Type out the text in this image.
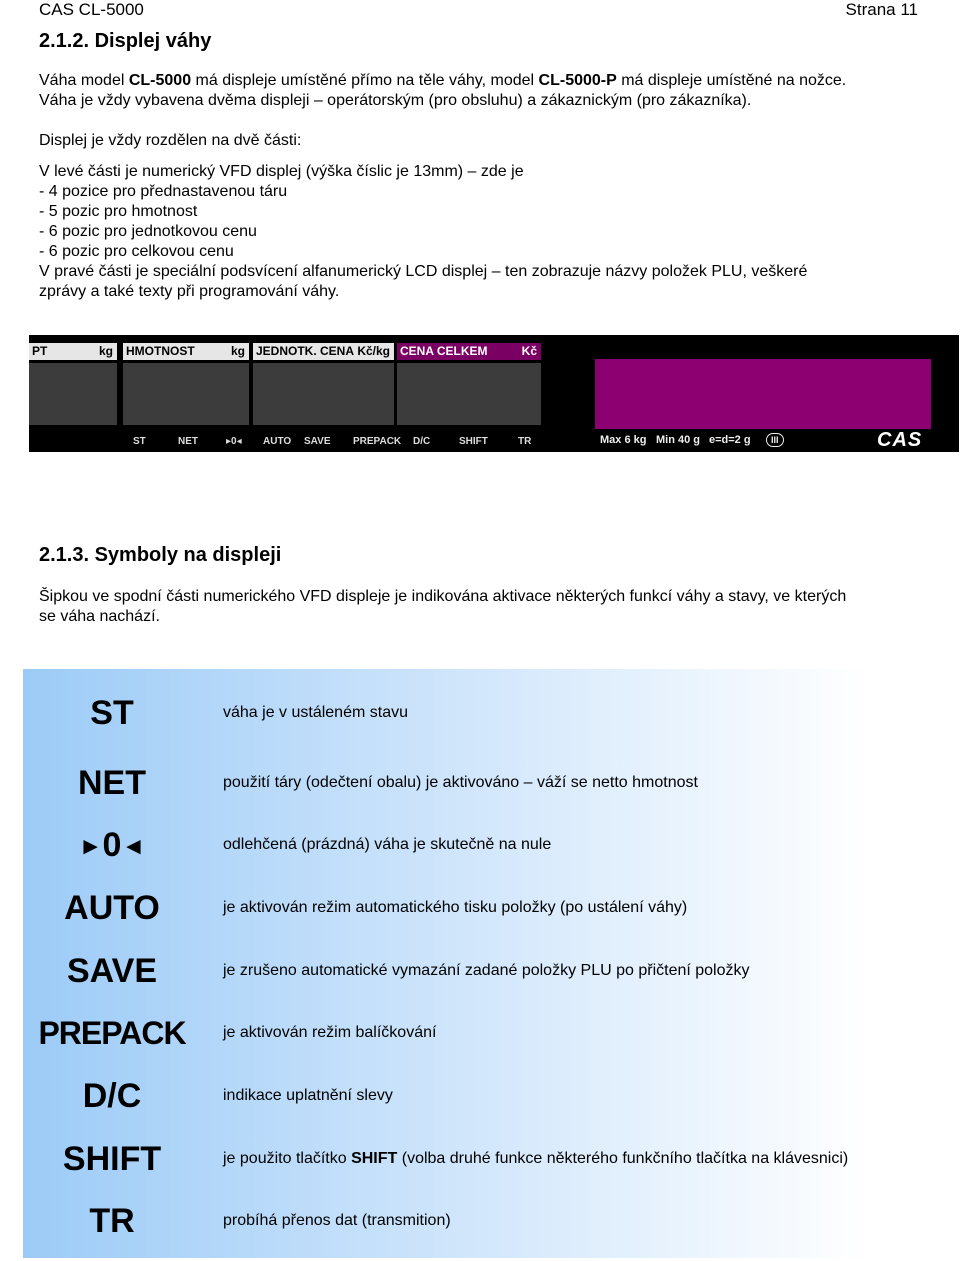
CAS CL-5000	Strana 11
2.1.2. Displej váhy

Váha model CL-5000 má displeje umístěné přímo na těle váhy, model CL-5000-P má displeje umístěné na nožce.

Váha je vždy vybavena dvěma displeji – operátorským (pro obsluhu) a zákaznickým (pro zákazníka).

Displej je vždy rozdělen na dvě části:

V levé části je numerický VFD displej (výška číslic je 13mm) – zde je

- 4 pozice pro přednastavenou táru

- 5 pozic pro hmotnost

- 6 pozic pro jednotkovou cenu

- 6 pozic pro celkovou cenu

V pravé části je speciální podsvícení alfanumerický LCD displej – ten zobrazuje názvy položek PLU, veškeré

zprávy a také texty při programování váhy.

PT	kg HMOTNOST	kg JEDNOTK. CENA Kč/kg CENA CELKEM	Kč
ST	NET	▸0◂ AUTO SAVE PREPACK D/C	SHIFT	TR	Max 6 kg Min 40 g e=d=2 g	III	CAS
2.1.3. Symboly na displeji

Šipkou ve spodní části numerického VFD displeje je indikována aktivace některých funkcí váhy a stavy, ve kterých

se váha nachází.

ST	váha je v ustáleném stavu
NET	použití táry (odečtení obalu) je aktivováno – váží se netto hmotnost
►0◄	odlehčená (prázdná) váha je skutečně na nule
AUTO	je aktivován režim automatického tisku položky (po ustálení váhy)
SAVE	je zrušeno automatické vymazání zadané položky PLU po přičtení položky
PREPACK	je aktivován režim balíčkování
D/C	indikace uplatnění slevy
SHIFT	je použito tlačítko SHIFT (volba druhé funkce některého funkčního tlačítka na klávesnici)
TR	probíhá přenos dat (transmition)
